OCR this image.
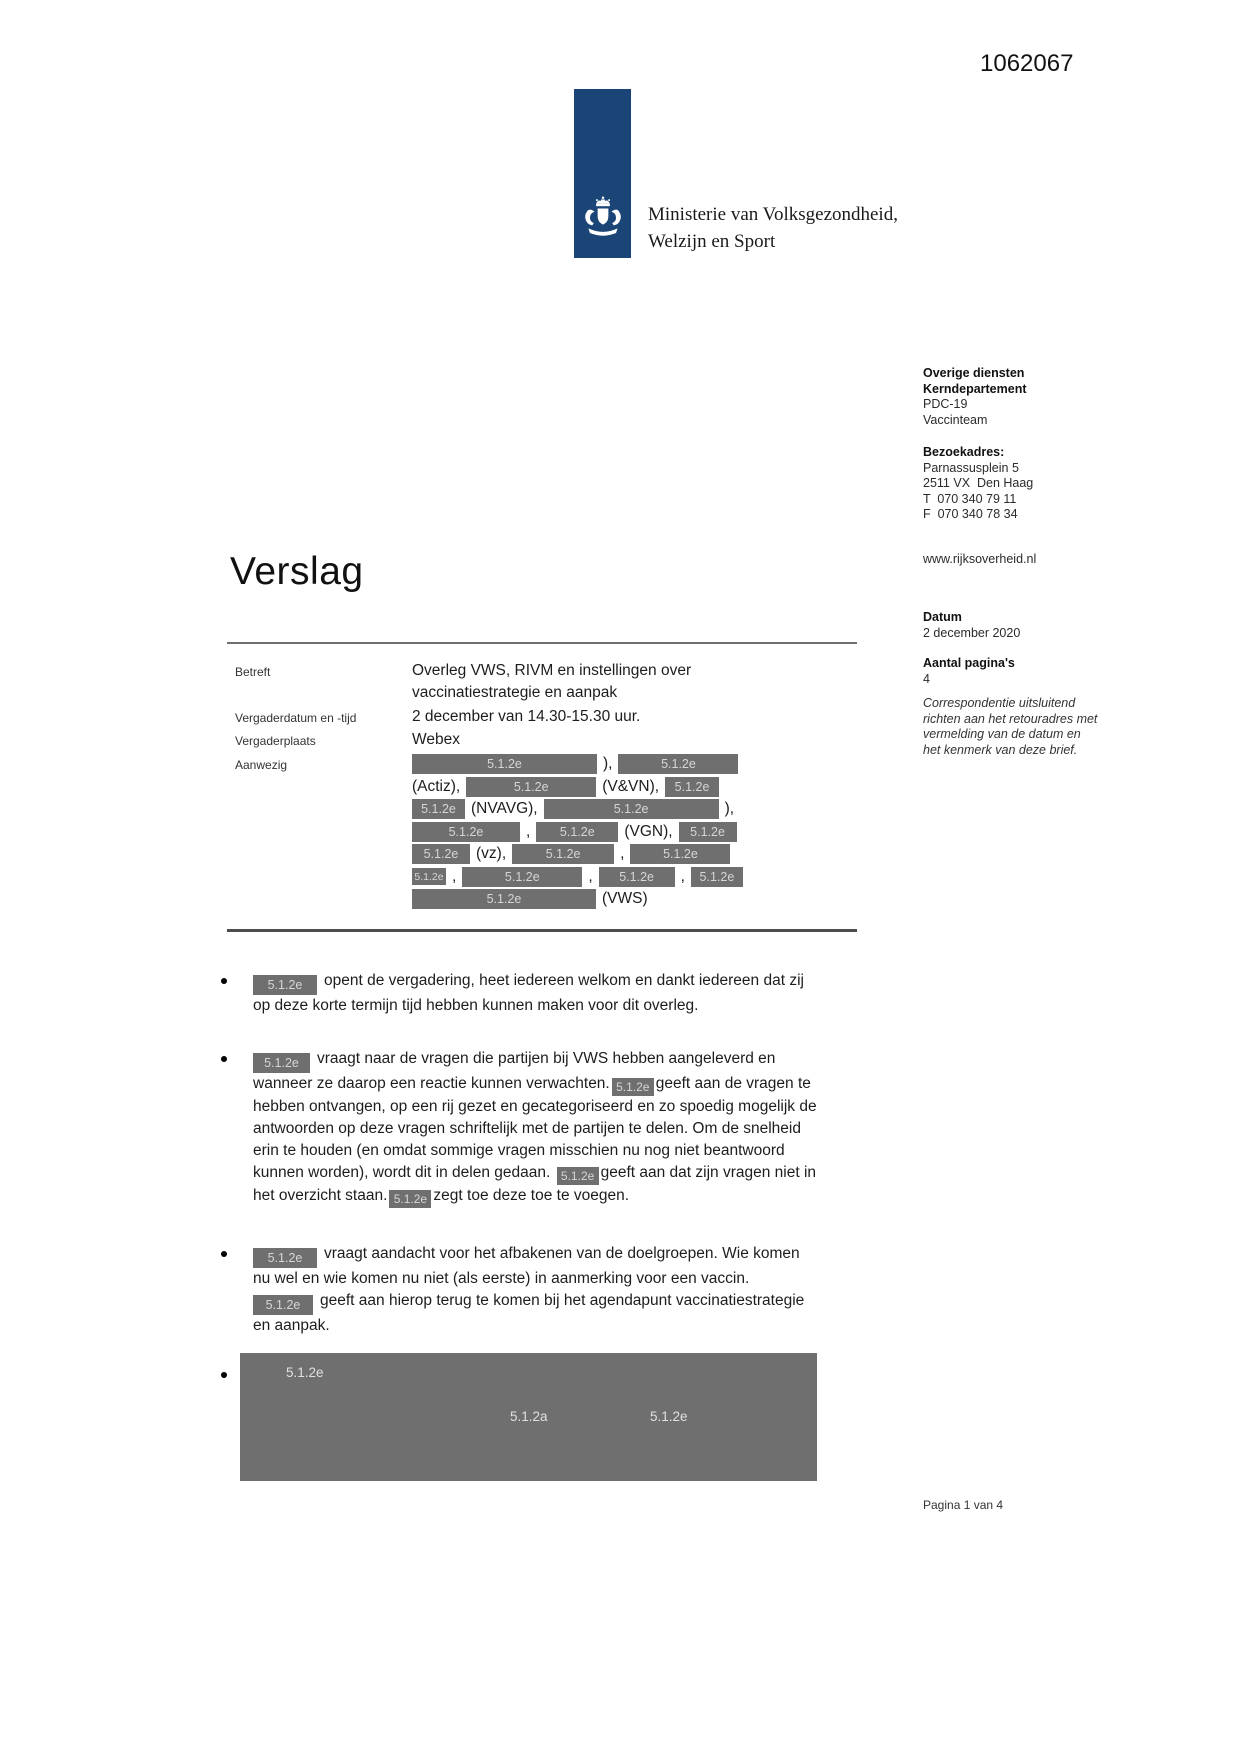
1062067
Ministerie van Volksgezondheid,
Welzijn en Sport
Overige diensten
Kerndepartement
PDC-19
Vaccinteam
Bezoekadres:
Parnassusplein 5
2511 VX  Den Haag
T  070 340 79 11
F  070 340 78 34
www.rijksoverheid.nl
Datum
2 december 2020
Aantal pagina's
4
Correspondentie uitsluitend richten aan het retouradres met vermelding van de datum en het kenmerk van deze brief.
Verslag
Betreft	Overleg VWS, RIVM en instellingen over vaccinatiestrategie en aanpak
Vergaderdatum en -tijd	2 december van 14.30-15.30 uur.
Vergaderplaats	Webex
Aanwezig	5.1.2e	),	5.1.2e
(Actiz),	5.1.2e	(V&VN),	5.1.2e
5.1.2e (NVAVG),	5.1.2e	),
5.1.2e	,	5.1.2e	(VGN),	5.1.2e
5.1.2e	(vz),	5.1.2e	,	5.1.2e
5.1.2e ,	5.1.2e	,	5.1.2e	,	5.1.2e
5.1.2e	(VWS)
5.1.2e opent de vergadering, heet iedereen welkom en dankt iedereen dat zij op deze korte termijn tijd hebben kunnen maken voor dit overleg.
5.1.2e vraagt naar de vragen die partijen bij VWS hebben aangeleverd en wanneer ze daarop een reactie kunnen verwachten. 5.1.2e geeft aan de vragen te hebben ontvangen, op een rij gezet en gecategoriseerd en zo spoedig mogelijk de antwoorden op deze vragen schriftelijk met de partijen te delen. Om de snelheid erin te houden (en omdat sommige vragen misschien nu nog niet beantwoord kunnen worden), wordt dit in delen gedaan. 5.1.2e geeft aan dat zijn vragen niet in het overzicht staan. 5.1.2e zegt toe deze toe te voegen.
5.1.2e vraagt aandacht voor het afbakenen van de doelgroepen. Wie komen nu wel en wie komen nu niet (als eerste) in aanmerking voor een vaccin. 5.1.2e geeft aan hierop terug te komen bij het agendapunt vaccinatiestrategie en aanpak.
5.1.2e
5.1.2a	5.1.2e
Pagina 1 van 4
